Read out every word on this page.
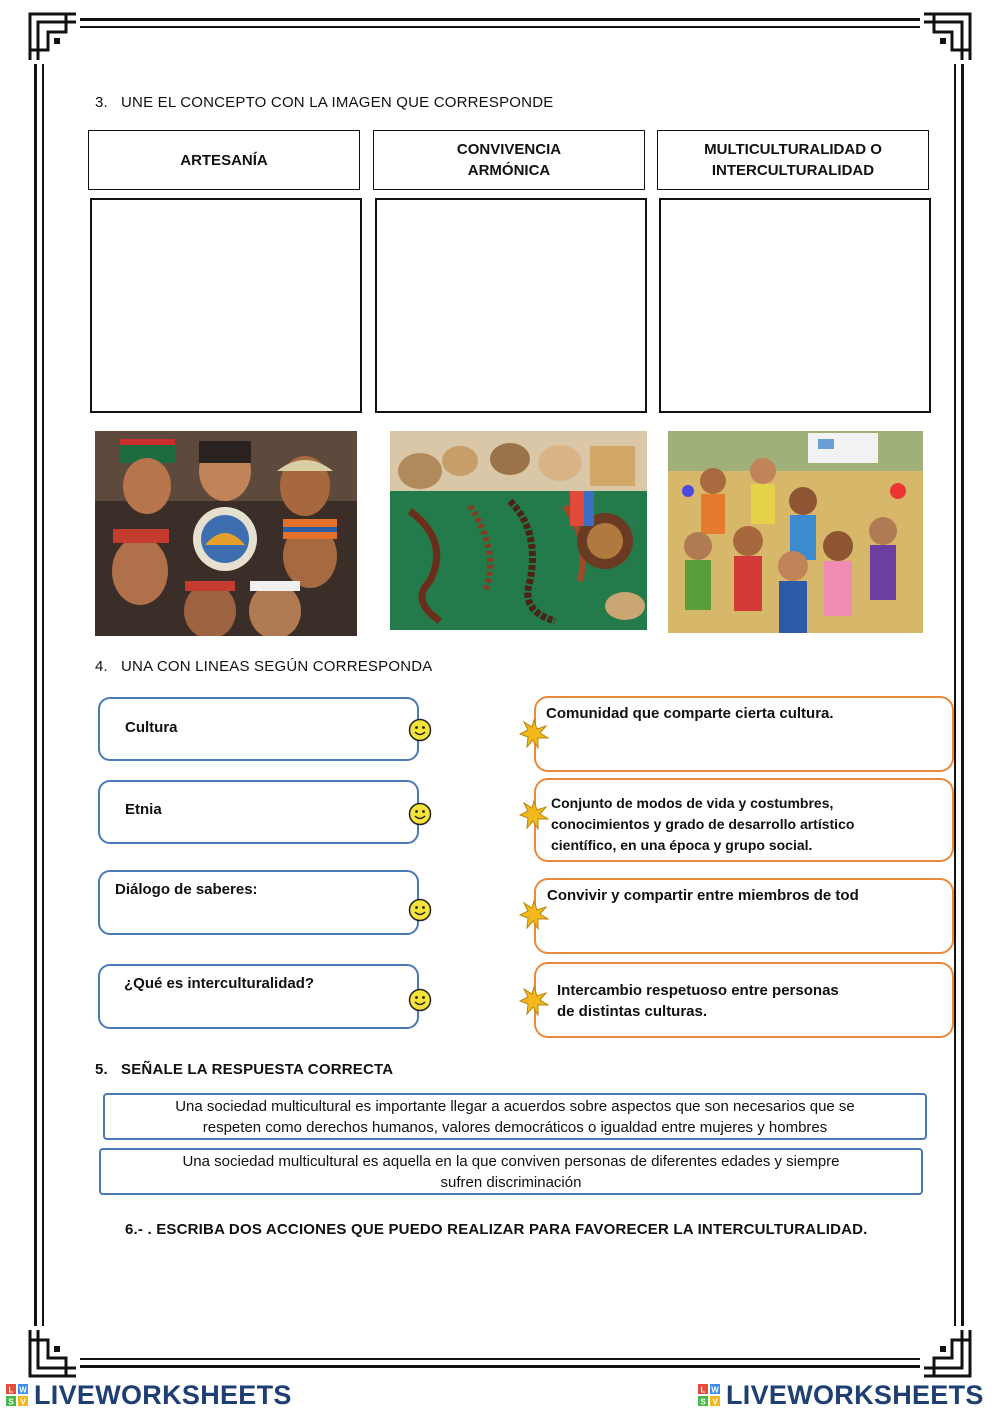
3.   UNE EL CONCEPTO CON LA IMAGEN QUE CORRESPONDE
ARTESANÍA
CONVIVENCIA
ARMÓNICA
MULTICULTURALIDAD O
INTERCULTURALIDAD
4.   UNA CON LINEAS SEGÚN CORRESPONDA
Cultura
Etnia
Diálogo de saberes:
¿Qué es interculturalidad?
Comunidad que comparte cierta cultura.
Conjunto de modos de vida y costumbres,
conocimientos y grado de desarrollo artístico
científico, en una época y grupo social.
Convivir y compartir entre miembros de tod
Intercambio respetuoso entre personas
de distintas culturas.
5.   SEÑALE LA RESPUESTA CORRECTA
Una sociedad multicultural es importante llegar a acuerdos sobre aspectos que son necesarios que se
respeten como derechos humanos, valores democráticos o igualdad entre mujeres y hombres
Una sociedad multicultural es aquella en la que conviven personas de diferentes edades y siempre
sufren discriminación
6.- . ESCRIBA DOS ACCIONES QUE PUEDO REALIZAR PARA FAVORECER LA INTERCULTURALIDAD.
L W
S V LIVEWORKSHEETS	L W
S V LIVEWORKSHEETS
